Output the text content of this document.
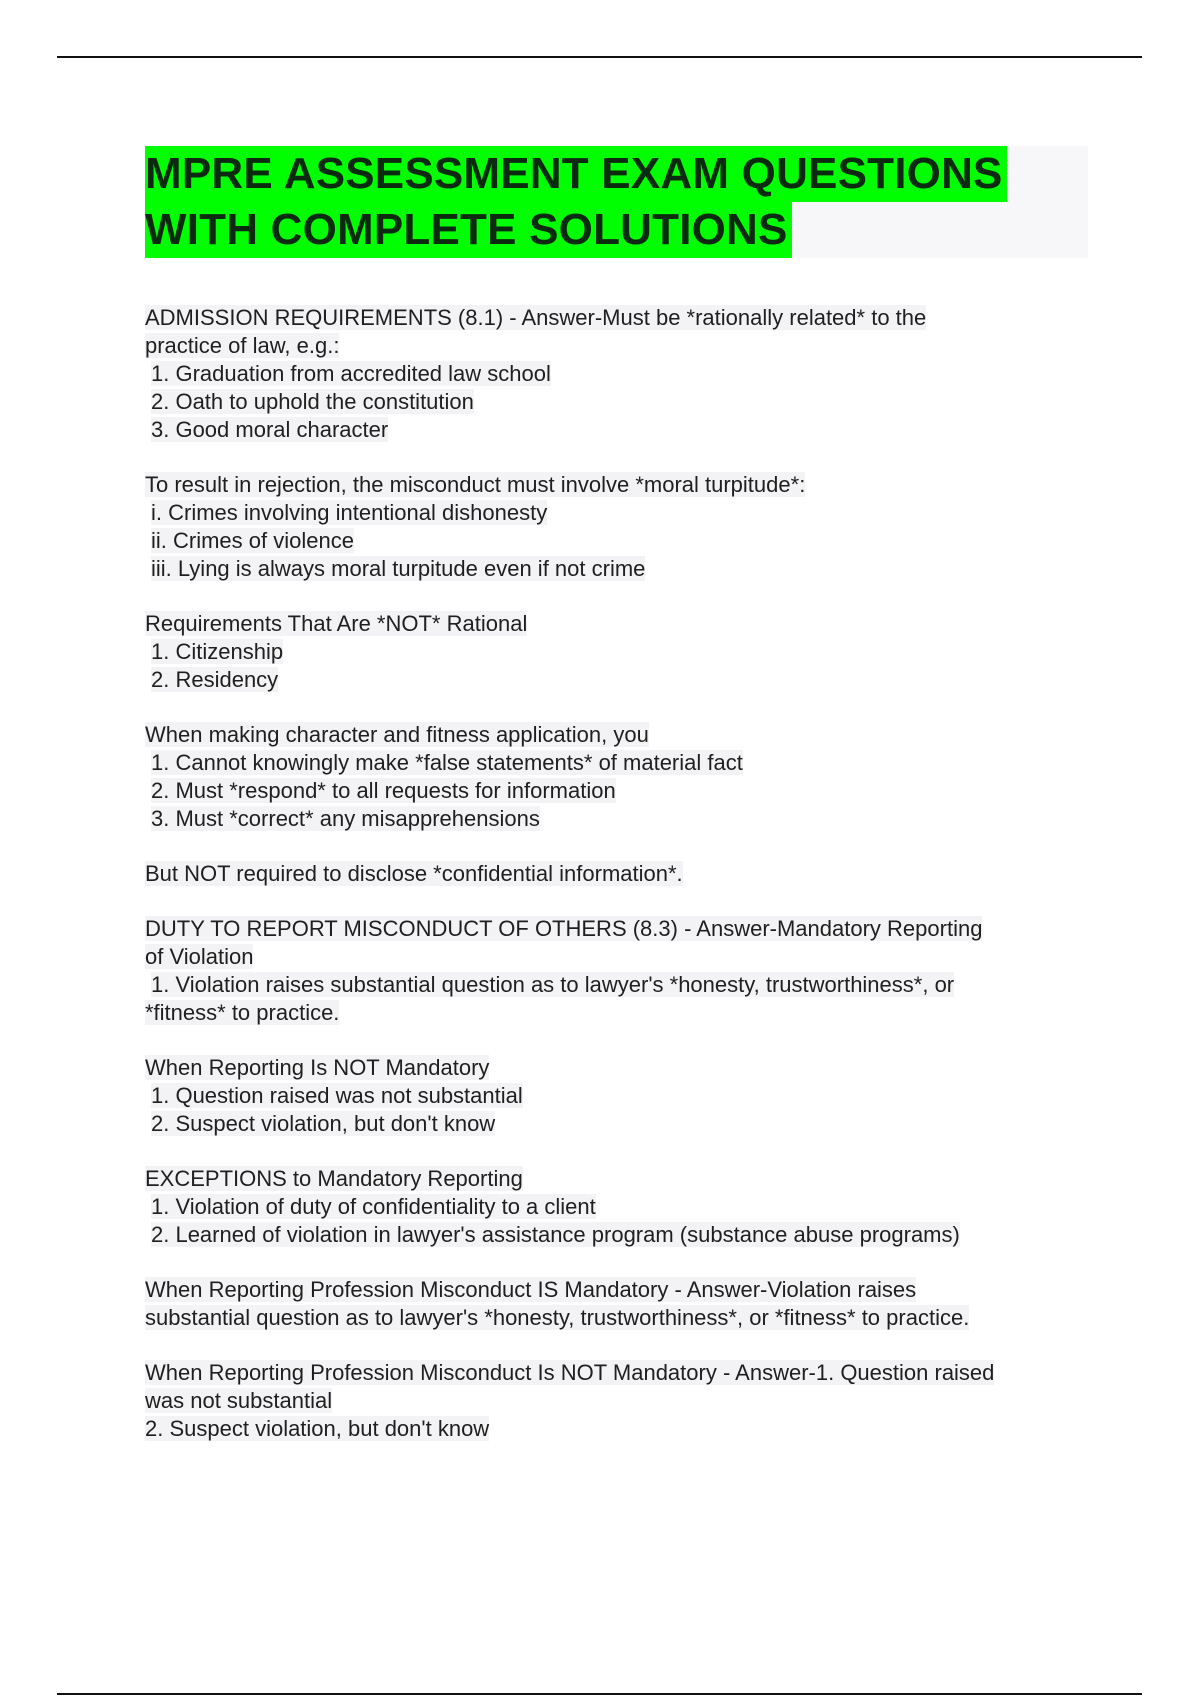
MPRE ASSESSMENT EXAM QUESTIONS
WITH COMPLETE SOLUTIONS
ADMISSION REQUIREMENTS (8.1) - Answer-Must be *rationally related* to the
practice of law, e.g.:
1. Graduation from accredited law school
2. Oath to uphold the constitution
3. Good moral character
To result in rejection, the misconduct must involve *moral turpitude*:
i. Crimes involving intentional dishonesty
ii. Crimes of violence
iii. Lying is always moral turpitude even if not crime
Requirements That Are *NOT* Rational
1. Citizenship
2. Residency
When making character and fitness application, you
1. Cannot knowingly make *false statements* of material fact
2. Must *respond* to all requests for information
3. Must *correct* any misapprehensions
But NOT required to disclose *confidential information*.
DUTY TO REPORT MISCONDUCT OF OTHERS (8.3) - Answer-Mandatory Reporting
of Violation
1. Violation raises substantial question as to lawyer's *honesty, trustworthiness*, or
*fitness* to practice.
When Reporting Is NOT Mandatory
1. Question raised was not substantial
2. Suspect violation, but don't know
EXCEPTIONS to Mandatory Reporting
1. Violation of duty of confidentiality to a client
2. Learned of violation in lawyer's assistance program (substance abuse programs)
When Reporting Profession Misconduct IS Mandatory - Answer-Violation raises
substantial question as to lawyer's *honesty, trustworthiness*, or *fitness* to practice.
When Reporting Profession Misconduct Is NOT Mandatory - Answer-1. Question raised
was not substantial
2. Suspect violation, but don't know
